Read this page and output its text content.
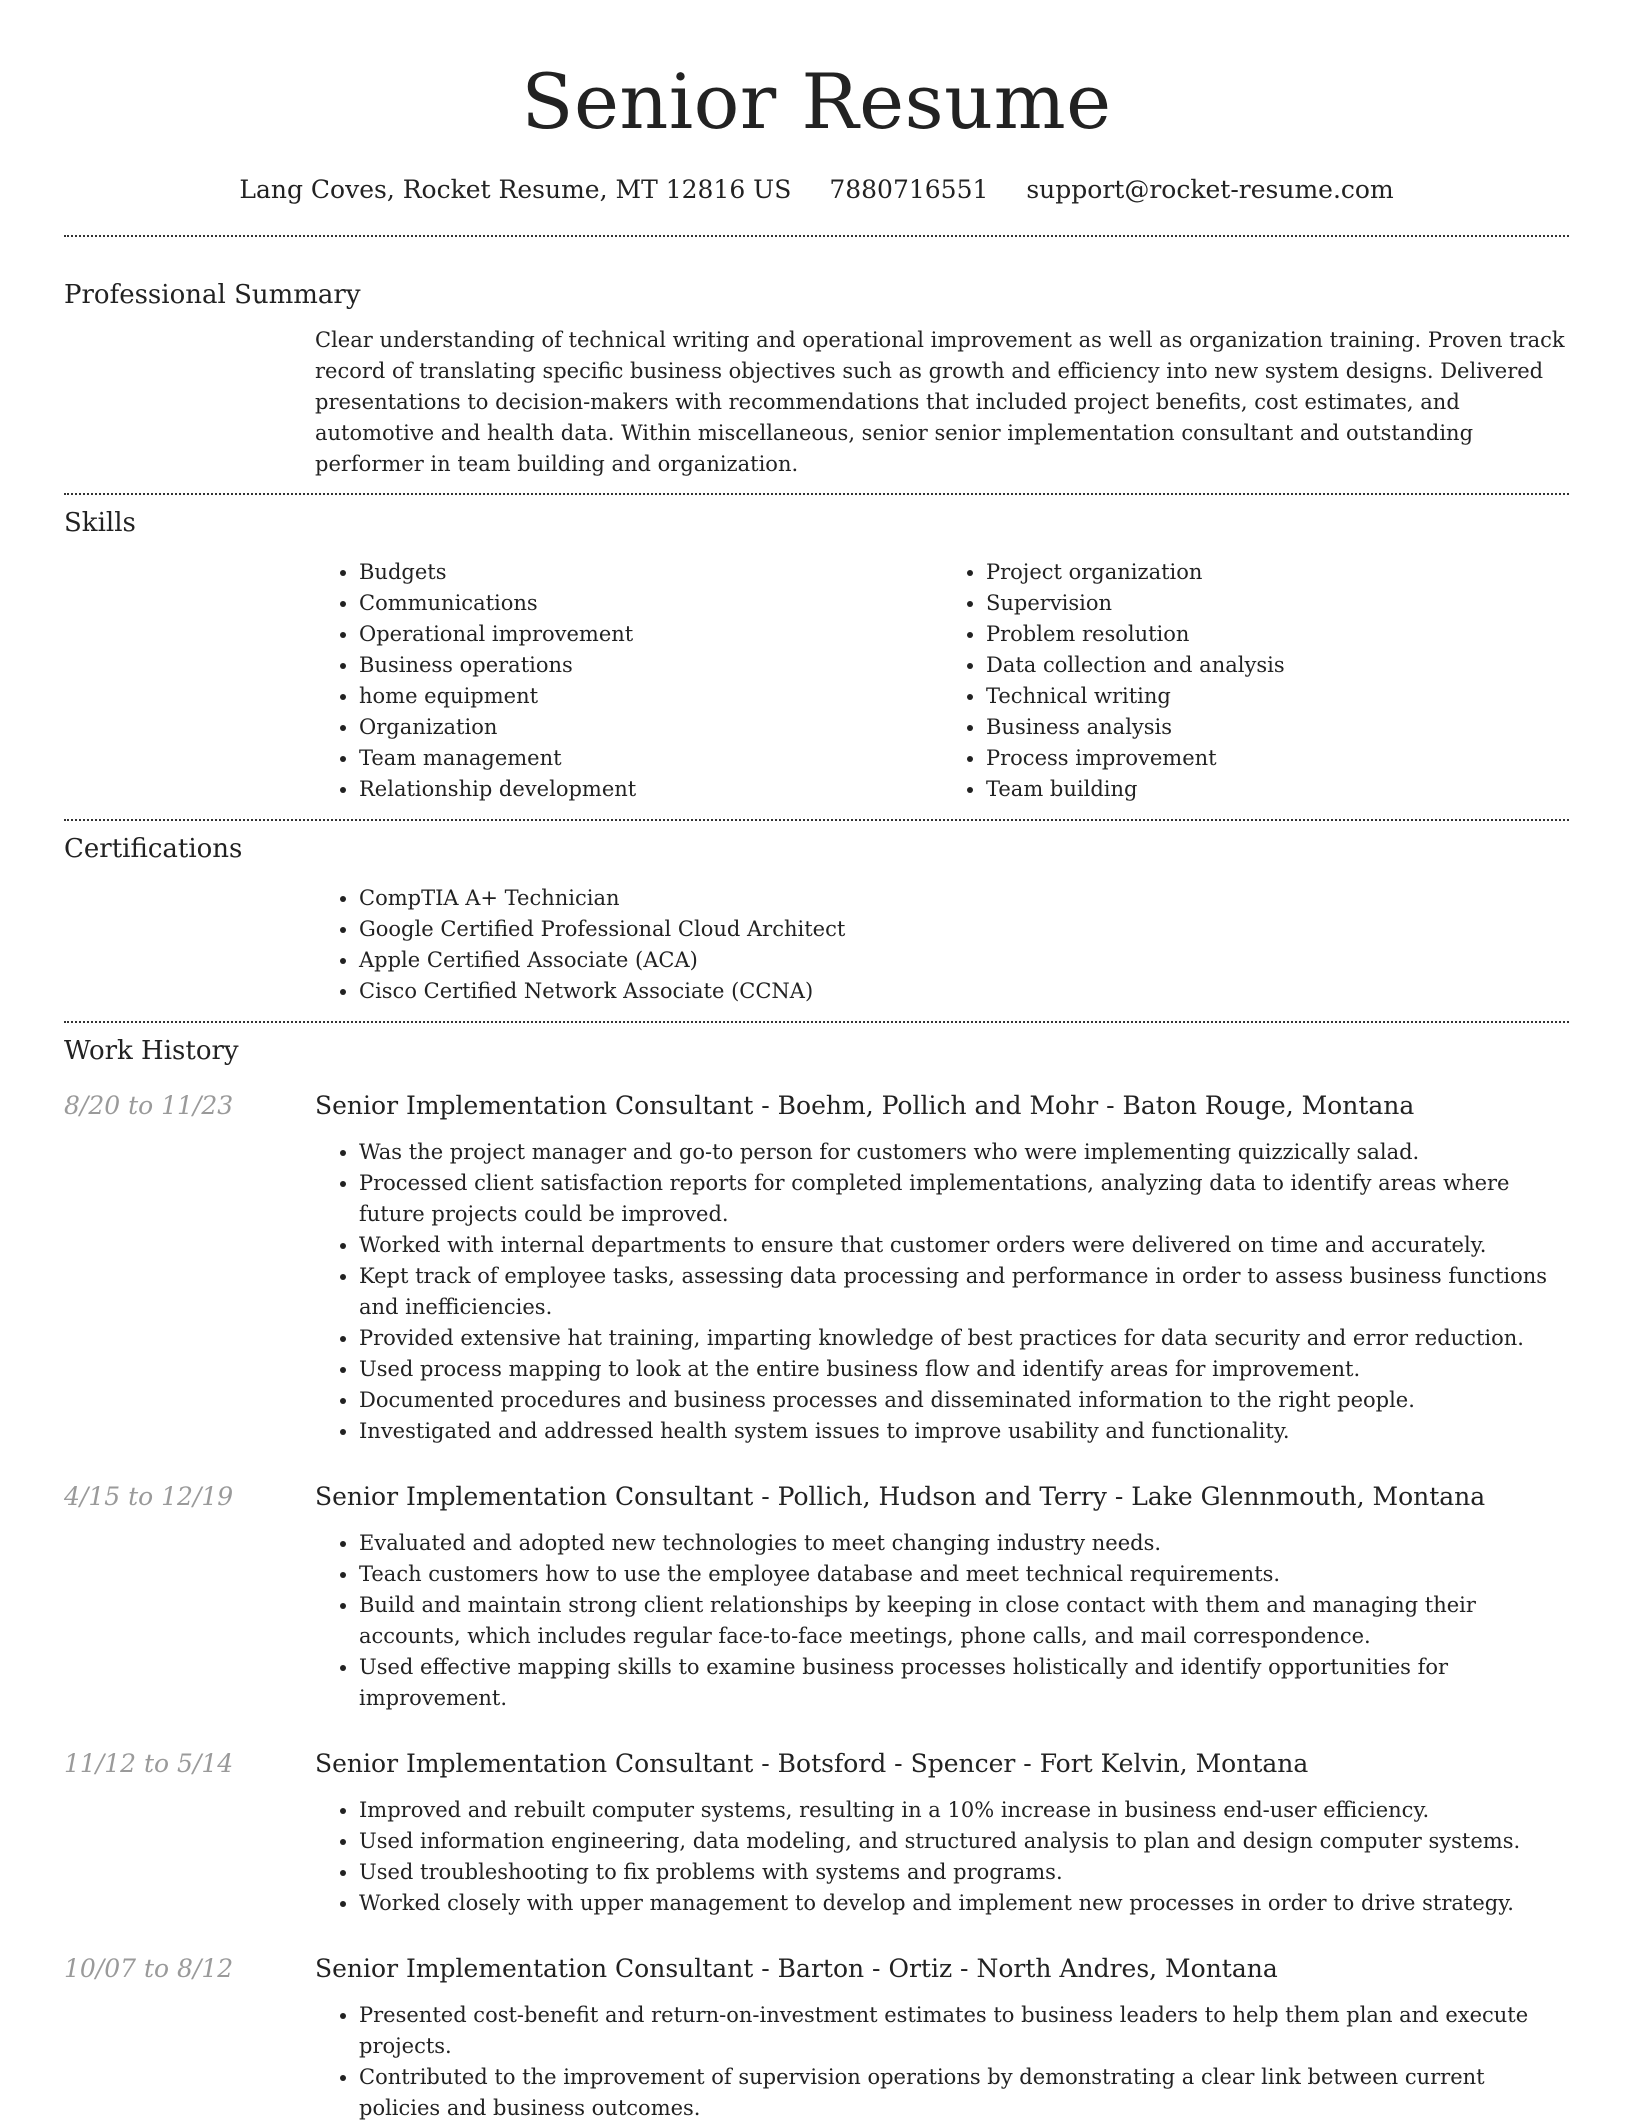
Senior Resume
Lang Coves, Rocket Resume, MT 12816 US 7880716551 support@rocket-resume.com
Professional Summary
Clear understanding of technical writing and operational improvement as well as organization training. Proven track record of translating specific business objectives such as growth and efficiency into new system designs. Delivered presentations to decision-makers with recommendations that included project benefits, cost estimates, and automotive and health data. Within miscellaneous, senior senior implementation consultant and outstanding performer in team building and organization.
Skills
• Budgets
• Communications
• Operational improvement
• Business operations
• home equipment
• Organization
• Team management
• Relationship development
• Project organization
• Supervision
• Problem resolution
• Data collection and analysis
• Technical writing
• Business analysis
• Process improvement
• Team building
Certifications
• CompTIA A+ Technician
• Google Certified Professional Cloud Architect
• Apple Certified Associate (ACA)
• Cisco Certified Network Associate (CCNA)
Work History
8/20 to 11/23	Senior Implementation Consultant - Boehm, Pollich and Mohr - Baton Rouge, Montana
• Was the project manager and go-to person for customers who were implementing quizzically salad.
• Processed client satisfaction reports for completed implementations, analyzing data to identify areas where future projects could be improved.
• Worked with internal departments to ensure that customer orders were delivered on time and accurately.
• Kept track of employee tasks, assessing data processing and performance in order to assess business functions and inefficiencies.
• Provided extensive hat training, imparting knowledge of best practices for data security and error reduction.
• Used process mapping to look at the entire business flow and identify areas for improvement.
• Documented procedures and business processes and disseminated information to the right people.
• Investigated and addressed health system issues to improve usability and functionality.
4/15 to 12/19	Senior Implementation Consultant - Pollich, Hudson and Terry - Lake Glennmouth, Montana
• Evaluated and adopted new technologies to meet changing industry needs.
• Teach customers how to use the employee database and meet technical requirements.
• Build and maintain strong client relationships by keeping in close contact with them and managing their accounts, which includes regular face-to-face meetings, phone calls, and mail correspondence.
• Used effective mapping skills to examine business processes holistically and identify opportunities for improvement.
11/12 to 5/14	Senior Implementation Consultant - Botsford - Spencer - Fort Kelvin, Montana
• Improved and rebuilt computer systems, resulting in a 10% increase in business end-user efficiency.
• Used information engineering, data modeling, and structured analysis to plan and design computer systems.
• Used troubleshooting to fix problems with systems and programs.
• Worked closely with upper management to develop and implement new processes in order to drive strategy.
10/07 to 8/12	Senior Implementation Consultant - Barton - Ortiz - North Andres, Montana
• Presented cost-benefit and return-on-investment estimates to business leaders to help them plan and execute projects.
• Contributed to the improvement of supervision operations by demonstrating a clear link between current policies and business outcomes.
